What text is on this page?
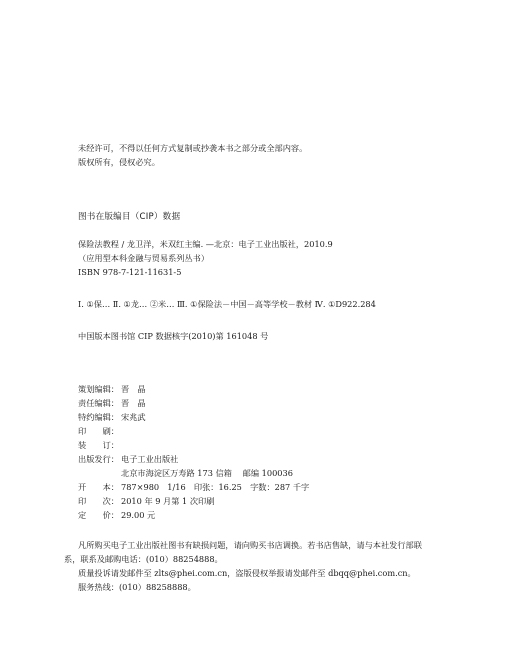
未经许可，不得以任何方式复制或抄袭本书之部分或全部内容。
版权所有，侵权必究。
图书在版编目（CIP）数据
保险法教程 / 龙卫洋，米双红主编. —北京：电子工业出版社，2010.9
（应用型本科金融与贸易系列丛书）
ISBN 978-7-121-11631-5
Ⅰ. ①保… Ⅱ. ①龙… ②米… Ⅲ. ①保险法－中国－高等学校－教材 Ⅳ. ①D922.284
中国版本图书馆 CIP 数据核字(2010)第 161048 号
策划编辑： 晋　晶
责任编辑： 晋　晶
特约编辑： 宋兆武
印　　刷：
装　　订：
出版发行： 电子工业出版社
北京市海淀区万寿路 173 信箱　 邮编 100036
开　　本： 787×980　1/16　印张：16.25　字数：287 千字
印　　次： 2010 年 9 月第 1 次印刷
定　　价： 29.00 元
凡所购买电子工业出版社图书有缺损问题，请向购买书店调换。若书店售缺，请与本社发行部联
系，联系及邮购电话：(010）88254888。
质量投诉请发邮件至 zlts@phei.com.cn，盗版侵权举报请发邮件至 dbqq@phei.com.cn。
服务热线：(010）88258888。
